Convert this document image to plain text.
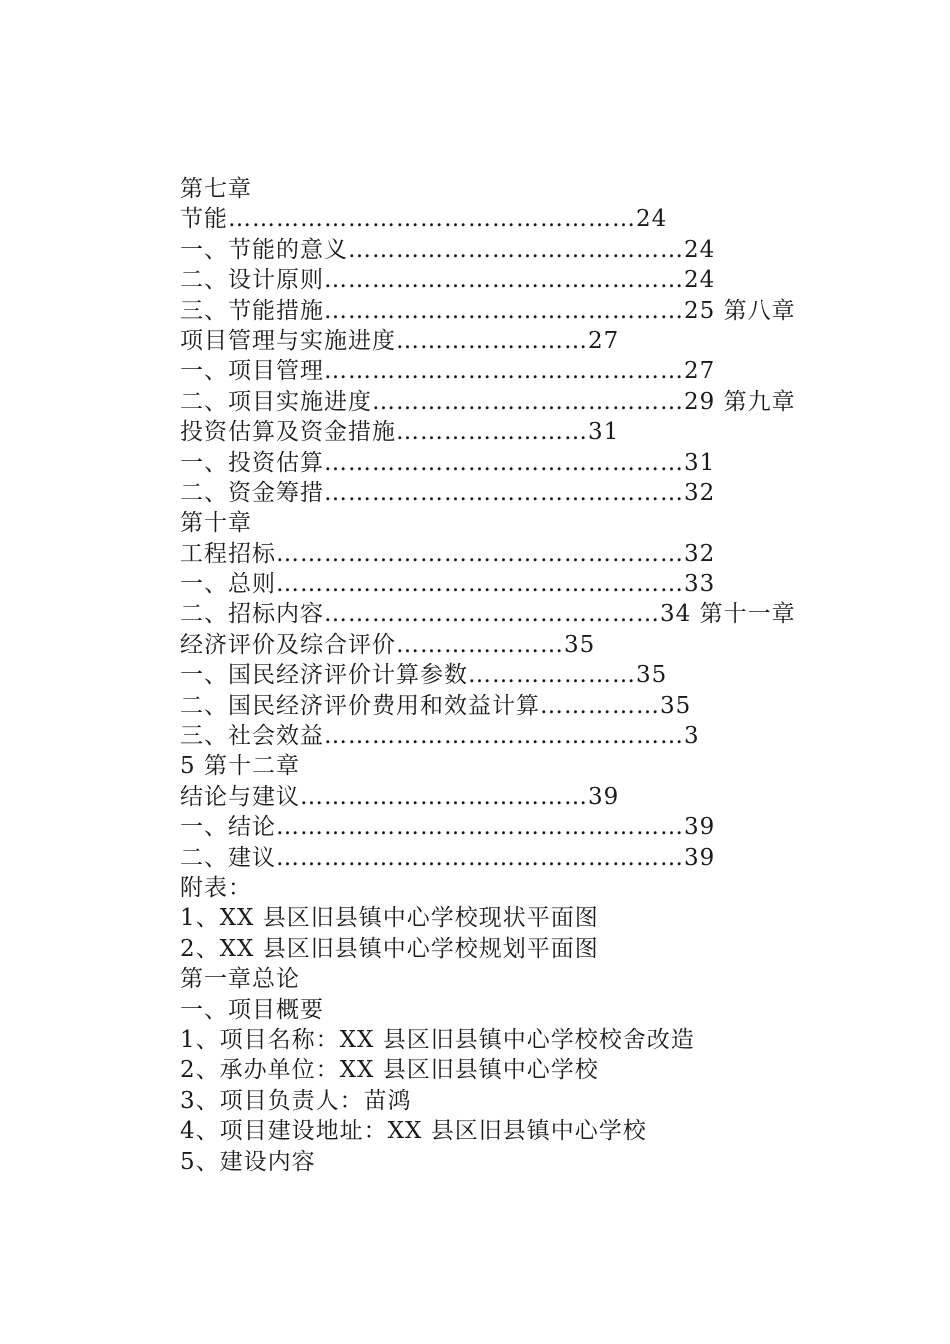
第七章
节能……………………………………………24
一、节能的意义……………………………………24
二、设计原则………………………………………24
三、节能措施………………………………………25 第八章
项目管理与实施进度……………………27
一、项目管理………………………………………27
二、项目实施进度…………………………………29 第九章
投资估算及资金措施……………………31
一、投资估算………………………………………31
二、资金筹措………………………………………32
第十章
工程招标……………………………………………32
一、总则……………………………………………33
二、招标内容……………………………………34 第十一章
经济评价及综合评价…………………35
一、国民经济评价计算参数…………………35
二、国民经济评价费用和效益计算……………35
三、社会效益………………………………………3
5 第十二章
结论与建议………………………………39
一、结论……………………………………………39
二、建议……………………………………………39
附表：
1、XX 县区旧县镇中心学校现状平面图
2、XX 县区旧县镇中心学校规划平面图
第一章总论
一、项目概要
1、项目名称：XX 县区旧县镇中心学校校舍改造
2、承办单位：XX 县区旧县镇中心学校
3、项目负责人：苗鸿
4、项目建设地址：XX 县区旧县镇中心学校
5、建设内容
